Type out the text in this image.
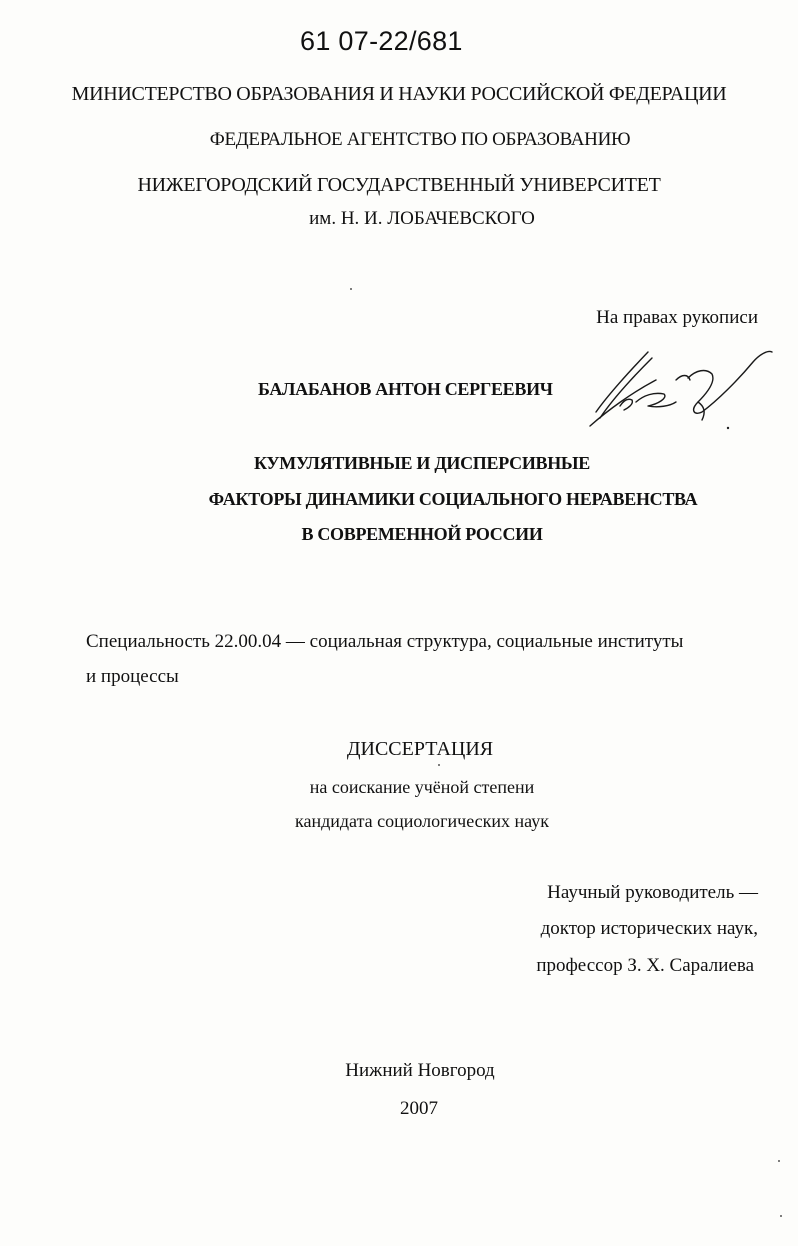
61 07-22/681
МИНИСТЕРСТВО ОБРАЗОВАНИЯ И НАУКИ РОССИЙСКОЙ ФЕДЕРАЦИИ
ФЕДЕРАЛЬНОЕ АГЕНТСТВО ПО ОБРАЗОВАНИЮ
НИЖЕГОРОДСКИЙ ГОСУДАРСТВЕННЫЙ УНИВЕРСИТЕТ
им. Н. И. ЛОБАЧЕВСКОГО
На правах рукописи
БАЛАБАНОВ АНТОН СЕРГЕЕВИЧ
КУМУЛЯТИВНЫЕ И ДИСПЕРСИВНЫЕ
ФАКТОРЫ ДИНАМИКИ СОЦИАЛЬНОГО НЕРАВЕНСТВА
В СОВРЕМЕННОЙ РОССИИ
Специальность 22.00.04 — социальная структура, социальные институты
и процессы
ДИССЕРТАЦИЯ
на соискание учёной степени
кандидата социологических наук
Научный руководитель —
доктор исторических наук,
профессор З. Х. Саралиева
Нижний Новгород
2007
